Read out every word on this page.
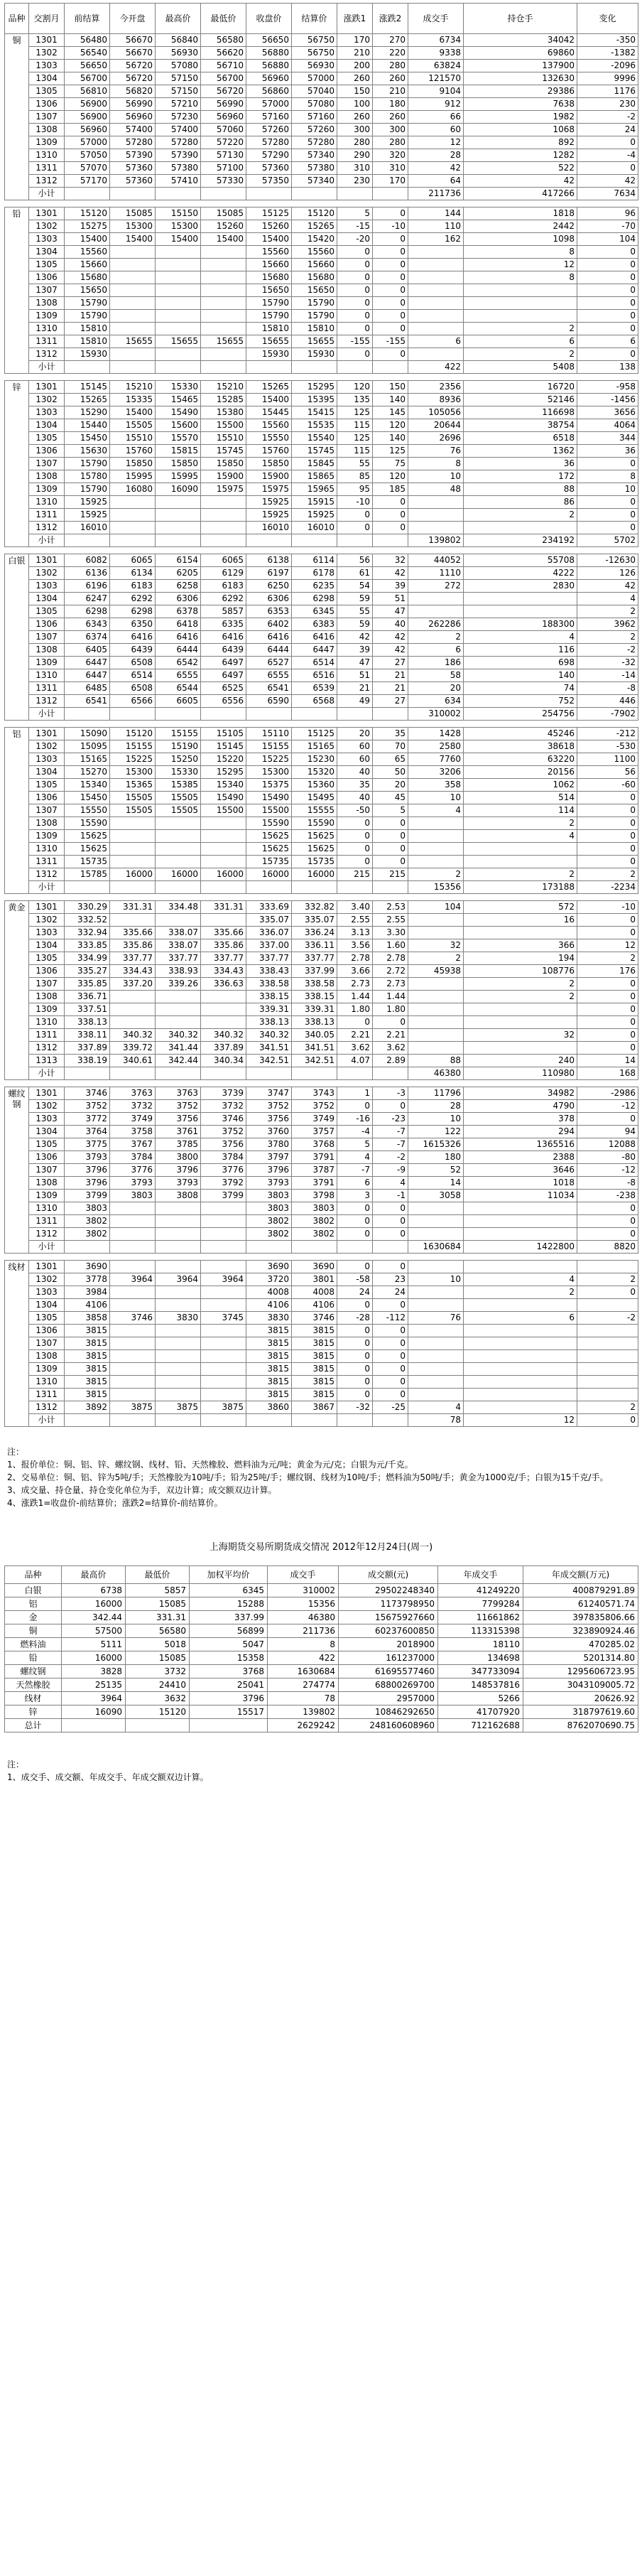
品种	交割月	前结算	今开盘	最高价	最低价	收盘价	结算价	涨跌1	涨跌2	成交手	持仓手	变化
铜	1301	56480	56670	56840	56580	56650	56750	170	270	6734	34042	-350
	1302	56540	56670	56930	56620	56880	56750	210	220	9338	69860	-1382
	1303	56650	56720	57080	56710	56880	56930	200	280	63824	137900	-2096
	1304	56700	56720	57150	56700	56960	57000	260	260	121570	132630	9996
	1305	56810	56820	57150	56720	56860	57040	150	210	9104	29386	1176
	1306	56900	56990	57210	56990	57000	57080	100	180	912	7638	230
	1307	56900	56960	57230	56960	57160	57160	260	260	66	1982	-2
	1308	56960	57400	57400	57060	57260	57260	300	300	60	1068	24
	1309	57000	57280	57280	57220	57280	57280	280	280	12	892	0
	1310	57050	57390	57390	57130	57290	57340	290	320	28	1282	-4
	1311	57070	57360	57380	57100	57360	57380	310	310	42	522	0
	1312	57170	57360	57410	57330	57350	57340	230	170	64	42	42
	小计									211736	417266	7634

铅	1301	15120	15085	15150	15085	15125	15120	5	0	144	1818	96
	1302	15275	15300	15300	15260	15260	15265	-15	-10	110	2442	-70
	1303	15400	15400	15400	15400	15400	15420	-20	0	162	1098	104
	1304	15560				15560	15560	0	0		8	0
	1305	15660				15660	15660	0	0		12	0
	1306	15680				15680	15680	0	0		8	0
	1307	15650				15650	15650	0	0			0
	1308	15790				15790	15790	0	0			0
	1309	15790				15790	15790	0	0			0
	1310	15810				15810	15810	0	0		2	0
	1311	15810	15655	15655	15655	15655	15655	-155	-155	6	6	6
	1312	15930				15930	15930	0	0		2	0
	小计									422	5408	138

锌	1301	15145	15210	15330	15210	15265	15295	120	150	2356	16720	-958
	1302	15265	15335	15465	15285	15400	15395	135	140	8936	52146	-1456
	1303	15290	15400	15490	15380	15445	15415	125	145	105056	116698	3656
	1304	15440	15505	15600	15500	15560	15535	115	120	20644	38754	4064
	1305	15450	15510	15570	15510	15550	15540	125	140	2696	6518	344
	1306	15630	15760	15815	15745	15760	15745	115	125	76	1362	36
	1307	15790	15850	15850	15850	15850	15845	55	75	8	36	0
	1308	15780	15995	15995	15900	15900	15865	85	120	10	172	8
	1309	15790	16080	16090	15975	15975	15965	95	185	48	88	10
	1310	15925				15925	15915	-10	0		86	0
	1311	15925				15925	15925	0	0		2	0
	1312	16010				16010	16010	0	0			0
	小计									139802	234192	5702

白银	1301	6082	6065	6154	6065	6138	6114	56	32	44052	55708	-12630
	1302	6136	6134	6205	6129	6197	6178	61	42	1110	4222	126
	1303	6196	6183	6258	6183	6250	6235	54	39	272	2830	42
	1304	6247	6292	6306	6292	6306	6298	59	51			4
	1305	6298	6298	6378	5857	6353	6345	55	47			2
	1306	6343	6350	6418	6335	6402	6383	59	40	262286	188300	3962
	1307	6374	6416	6416	6416	6416	6416	42	42	2	4	2
	1308	6405	6439	6444	6439	6444	6447	39	42	6	116	-2
	1309	6447	6508	6542	6497	6527	6514	47	27	186	698	-32
	1310	6447	6514	6555	6497	6555	6516	51	21	58	140	-14
	1311	6485	6508	6544	6525	6541	6539	21	21	20	74	-8
	1312	6541	6566	6605	6556	6590	6568	49	27	634	752	446
	小计									310002	254756	-7902

铝	1301	15090	15120	15155	15105	15110	15125	20	35	1428	45246	-212
	1302	15095	15155	15190	15145	15155	15165	60	70	2580	38618	-530
	1303	15165	15225	15250	15220	15225	15230	60	65	7760	63220	1100
	1304	15270	15300	15330	15295	15300	15320	40	50	3206	20156	56
	1305	15340	15365	15385	15340	15375	15360	35	20	358	1062	-60
	1306	15450	15505	15505	15490	15490	15495	40	45	10	514	0
	1307	15550	15505	15505	15500	15500	15555	-50	5	4	114	0
	1308	15590				15590	15590	0	0		2	0
	1309	15625				15625	15625	0	0		4	0
	1310	15625				15625	15625	0	0			0
	1311	15735				15735	15735	0	0			0
	1312	15785	16000	16000	16000	16000	16000	215	215	2	2	2
	小计									15356	173188	-2234

黄金	1301	330.29	331.31	334.48	331.31	333.69	332.82	3.40	2.53	104	572	-10
	1302	332.52				335.07	335.07	2.55	2.55		16	0
	1303	332.94	335.66	338.07	335.66	336.07	336.24	3.13	3.30			0
	1304	333.85	335.86	338.07	335.86	337.00	336.11	3.56	1.60	32	366	12
	1305	334.99	337.77	337.77	337.77	337.77	337.77	2.78	2.78	2	194	2
	1306	335.27	334.43	338.93	334.43	338.43	337.99	3.66	2.72	45938	108776	176
	1307	335.85	337.20	339.26	336.63	338.58	338.58	2.73	2.73		2	0
	1308	336.71				338.15	338.15	1.44	1.44		2	0
	1309	337.51				339.31	339.31	1.80	1.80			0
	1310	338.13				338.13	338.13	0	0			0
	1311	338.11	340.32	340.32	340.32	340.32	340.05	2.21	2.21		32	0
	1312	337.89	339.72	341.44	337.89	341.51	341.51	3.62	3.62			0
	1313	338.19	340.61	342.44	340.34	342.51	342.51	4.07	2.89	88	240	14
	小计									46380	110980	168

螺纹钢	1301	3746	3763	3763	3739	3747	3743	1	-3	11796	34982	-2986
	1302	3752	3732	3752	3732	3752	3752	0	0	28	4790	-12
	1303	3772	3749	3756	3746	3756	3749	-16	-23	10	378	0
	1304	3764	3758	3761	3752	3760	3757	-4	-7	122	294	94
	1305	3775	3767	3785	3756	3780	3768	5	-7	1615326	1365516	12088
	1306	3793	3784	3800	3784	3797	3791	4	-2	180	2388	-80
	1307	3796	3776	3796	3776	3796	3787	-7	-9	52	3646	-12
	1308	3796	3793	3793	3792	3793	3791	6	4	14	1018	-8
	1309	3799	3803	3808	3799	3803	3798	3	-1	3058	11034	-238
	1310	3803				3803	3803	0	0			0
	1311	3802				3802	3802	0	0			0
	1312	3802				3802	3802	0	0			0
	小计									1630684	1422800	8820

线材	1301	3690				3690	3690	0	0			
	1302	3778	3964	3964	3964	3720	3801	-58	23	10	4	2
	1303	3984				4008	4008	24	24		2	0
	1304	4106				4106	4106	0	0			
	1305	3858	3746	3830	3745	3830	3746	-28	-112	76	6	-2
	1306	3815				3815	3815	0	0			
	1307	3815				3815	3815	0	0			
	1308	3815				3815	3815	0	0			
	1309	3815				3815	3815	0	0			
	1310	3815				3815	3815	0	0			
	1311	3815				3815	3815	0	0			
	1312	3892	3875	3875	3875	3860	3867	-32	-25	4		2
	小计									78	12	0
注：
1、报价单位：铜、铝、锌、螺纹钢、线材、铅、天然橡胶、燃料油为元/吨；黄金为元/克；白银为元/千克。
2、交易单位：铜、铝、锌为5吨/手；天然橡胶为10吨/手；铅为25吨/手；螺纹钢、线材为10吨/手；燃料油为50吨/手；黄金为1000克/手；白银为15千克/手。
3、成交量、持仓量、持仓变化单位为手，双边计算；成交额双边计算。
4、涨跌1=收盘价-前结算价；涨跌2=结算价-前结算价。
上海期货交易所期货成交情况 2012年12月24日(周一)
品种	最高价	最低价	加权平均价	成交手	成交额(元)	年成交手	年成交额(万元)
白银	6738	5857	6345	310002	29502248340	41249220	400879291.89
铝	16000	15085	15288	15356	1173798950	7799284	61240571.74
金	342.44	331.31	337.99	46380	15675927660	11661862	397835806.66
铜	57500	56580	56899	211736	60237600850	113315398	323890924.46
燃料油	5111	5018	5047	8	2018900	18110	470285.02
铅	16000	15085	15358	422	161237000	134698	5201314.80
螺纹钢	3828	3732	3768	1630684	61695577460	347733094	1295606723.95
天然橡胶	25135	24410	25041	274774	68800269700	148537816	3043109005.72
线材	3964	3632	3796	78	2957000	5266	20626.92
锌	16090	15120	15517	139802	10846292650	41707920	318797619.60
总计				2629242	248160608960	712162688	8762070690.75
注：
1、成交手、成交额、年成交手、年成交额双边计算。
